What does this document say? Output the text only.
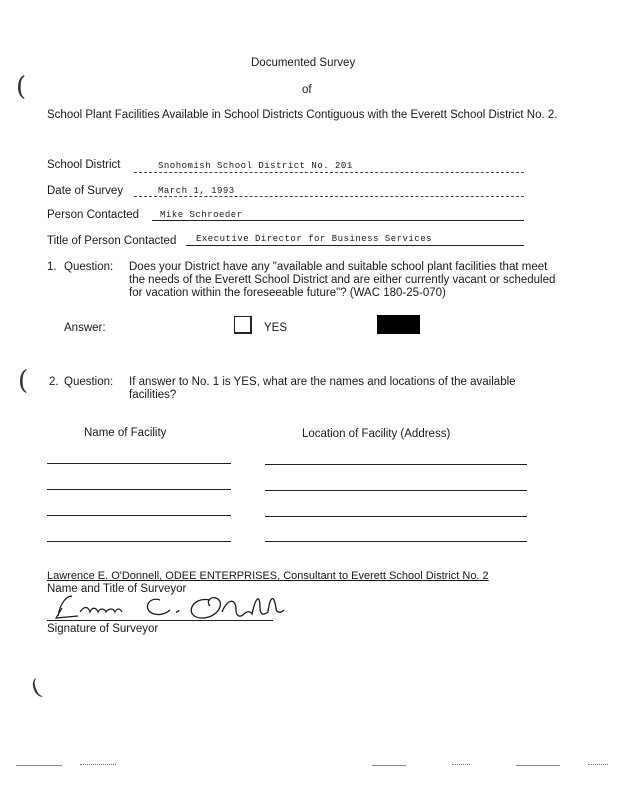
Documented Survey
of
School Plant Facilities Available in School Districts Contiguous with the Everett School District No. 2.
School District	Snohomish School District No. 201
Date of Survey	March 1, 1993
Person Contacted Mike Schroeder
Title of Person Contacted Executive Director for Business Services
1. Question: Does your District have any "available and suitable school plant facilities that meet the needs of the Everett School District and are either currently vacant or scheduled for vacation within the foreseeable future"? (WAC 180-25-070)
Answer:	YES
2. Question: If answer to No. 1 is YES, what are the names and locations of the available facilities?
Name of Facility	Location of Facility (Address)
Lawrence E. O'Donnell, ODEE ENTERPRISES, Consultant to Everett School District No. 2
Name and Title of Surveyor
Signature of Surveyor
(
(
(
